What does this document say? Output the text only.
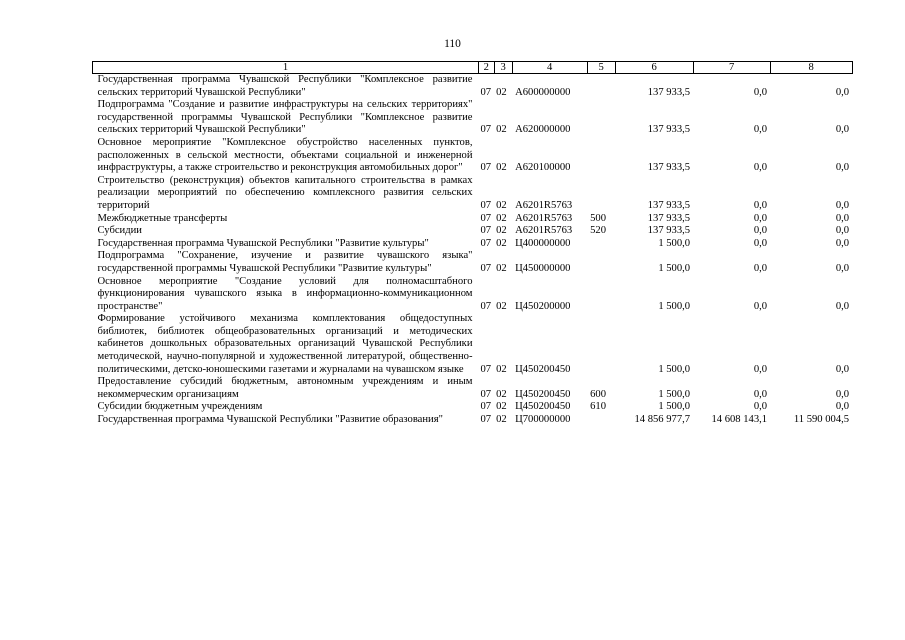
110
1	2	3	4	5	6	7	8
Государственная программа Чувашской Республики "Комплексное развитие сельских территорий Чувашской Республики"	07	02	А600000000		137 933,5	0,0	0,0
Подпрограмма "Создание и развитие инфраструктуры на сельских территориях" государственной программы Чувашской Республики "Комплексное развитие сельских территорий Чувашской Республики"	07	02	А620000000		137 933,5	0,0	0,0
Основное мероприятие "Комплексное обустройство населенных пунктов, расположенных в сельской местности, объектами социальной и инженерной инфраструктуры, а также строительство и реконструкция автомобильных дорог"	07	02	А620100000		137 933,5	0,0	0,0
Строительство (реконструкция) объектов капитального строительства в рамках реализации мероприятий по обеспечению комплексного развития сельских территорий	07	02	А6201R5763		137 933,5	0,0	0,0
Межбюджетные трансферты	07	02	А6201R5763	500	137 933,5	0,0	0,0
Субсидии	07	02	А6201R5763	520	137 933,5	0,0	0,0
Государственная программа Чувашской Республики "Развитие культуры"	07	02	Ц400000000		1 500,0	0,0	0,0
Подпрограмма "Сохранение, изучение и развитие чувашского языка" государственной программы Чувашской Республики "Развитие культуры"	07	02	Ц450000000		1 500,0	0,0	0,0
Основное мероприятие "Создание условий для полномасштабного функционирования чувашского языка в информационно-коммуникационном пространстве"	07	02	Ц450200000		1 500,0	0,0	0,0
Формирование устойчивого механизма комплектования общедоступных библиотек, библиотек общеобразовательных организаций и методических кабинетов дошкольных образовательных организаций Чувашской Республики методической, научно-популярной и художественной литературой, общественно-политическими, детско-юношескими газетами и журналами на чувашском языке	07	02	Ц450200450		1 500,0	0,0	0,0
Предоставление субсидий бюджетным, автономным учреждениям и иным некоммерческим организациям	07	02	Ц450200450	600	1 500,0	0,0	0,0
Субсидии бюджетным учреждениям	07	02	Ц450200450	610	1 500,0	0,0	0,0
Государственная программа Чувашской Республики "Развитие образования"	07	02	Ц700000000		14 856 977,7	14 608 143,1	11 590 004,5
